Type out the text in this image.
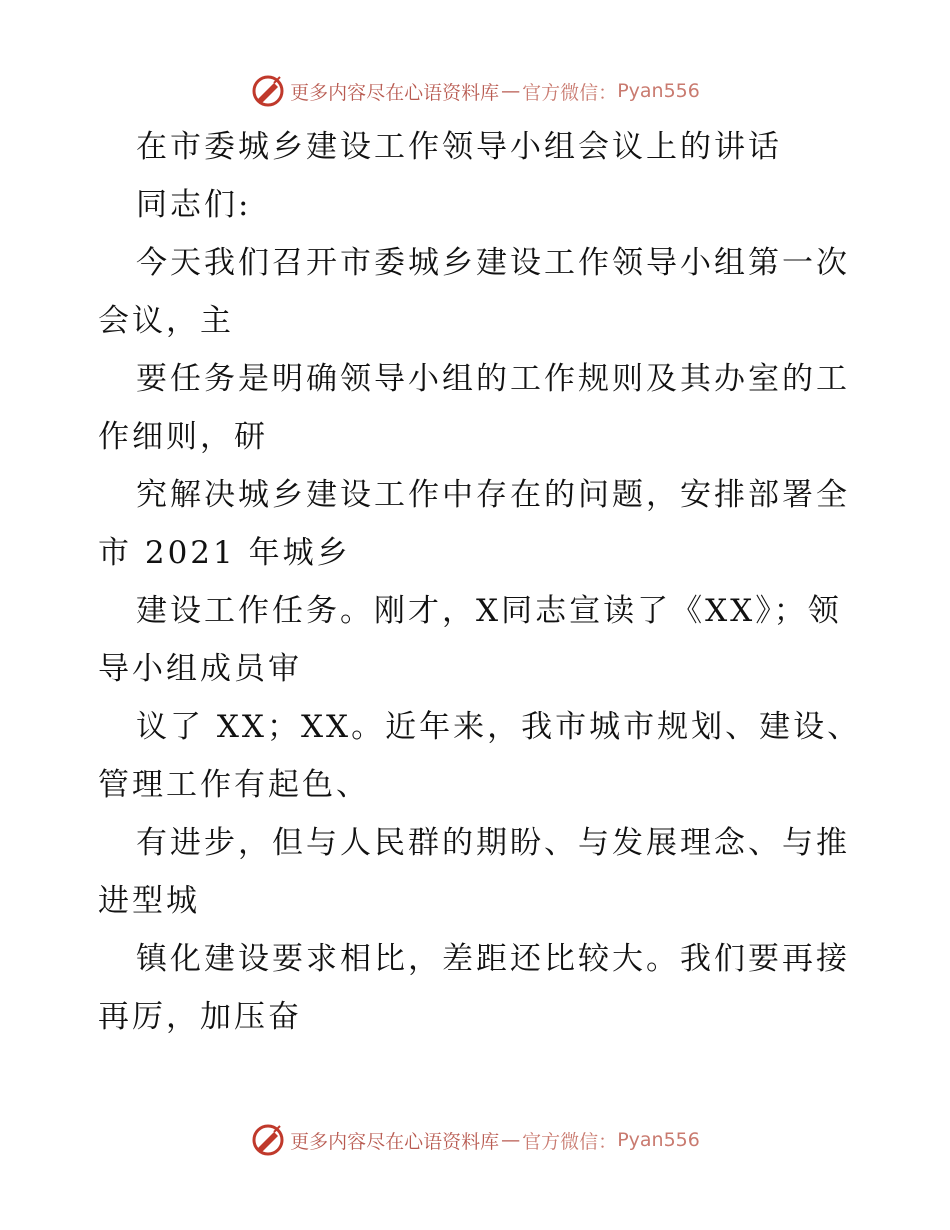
更多内容尽在心语资料库 — 官方微信： Pyan556
在市委城乡建设工作领导小组会议上的讲话
同志们:
今天我们召开市委城乡建设工作领导小组第一次
会议，主
要任务是明确领导小组的工作规则及其办室的工
作细则，研
究解决城乡建设工作中存在的问题，安排部署全
市 2021 年城乡
建设工作任务。刚才，X同志宣读了《XX》；领
导小组成员审
议了 XX；XX。近年来，我市城市规划、建设、
管理工作有起色、
有进步，但与人民群的期盼、与发展理念、与推
进型城
镇化建设要求相比，差距还比较大。我们要再接
再厉，加压奋
更多内容尽在心语资料库 — 官方微信： Pyan556
